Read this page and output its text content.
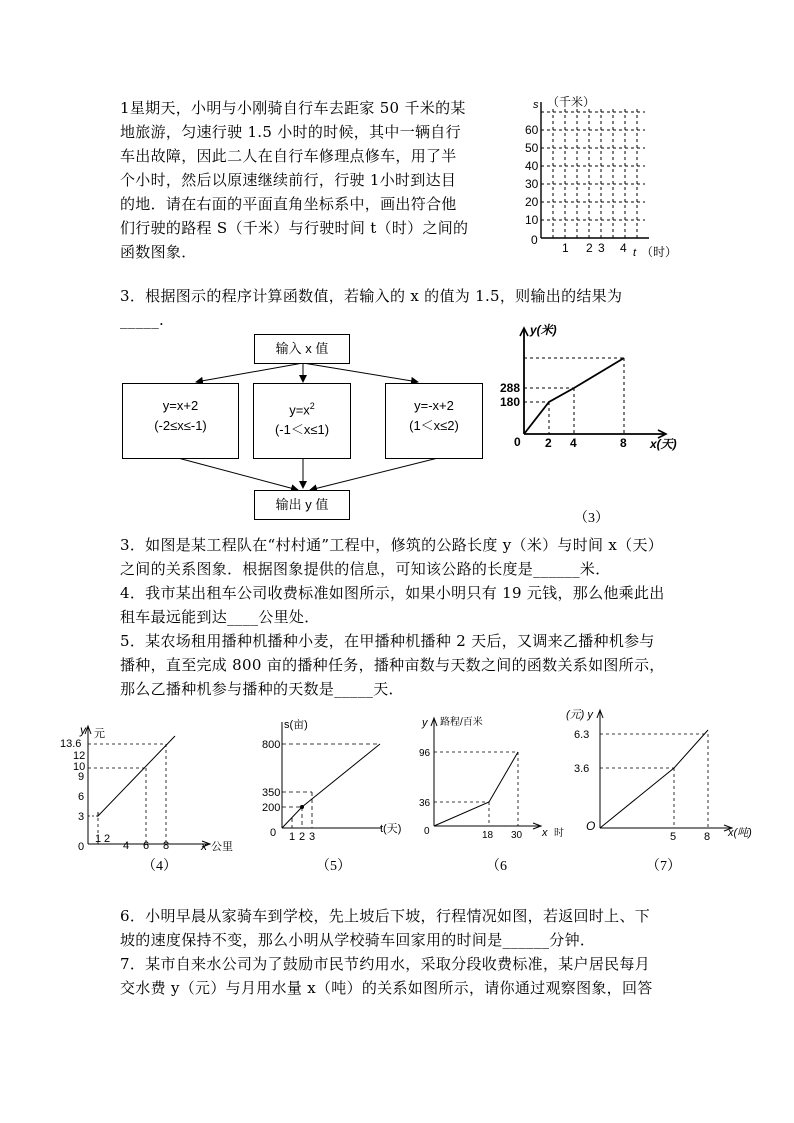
1星期天，小明与小刚骑自行车去距家 50 千米的某
地旅游，匀速行驶 1.5 小时的时候，其中一辆自行
车出故障，因此二人在自行车修理点修车，用了半
个小时，然后以原速继续前行，行驶 1小时到达目
的地．请在右面的平面直角坐标系中，画出符合他
们行驶的路程 S（千米）与行驶时间 t（时）之间的
函数图象．
s （千米）
0
10
20
30
40
50
60
1 2 3 4 t （时）
3．根据图示的程序计算函数值，若输入的 x 的值为 1.5，则输出的结果为
_____.
输入 x 值
y=x+2
(-2≤x≤-1)
$y=x^2$
(-1＜x≤1)
y=-x+2
(1＜x≤2)
输出 y 值
y(米)
288
180
0 2 4	8 x(天)
（3）
3．如图是某工程队在“村村通”工程中，修筑的公路长度 y（米）与时间 x（天）
之间的关系图象．根据图象提供的信息，可知该公路的长度是______米．
4．我市某出租车公司收费标准如图所示，如果小明只有 19 元钱，那么他乘此出
租车最远能到达____公里处．
5．某农场租用播种机播种小麦，在甲播种机播种 2 天后，又调来乙播种机参与
播种，直至完成 800 亩的播种任务，播种亩数与天数之间的函数关系如图所示，
那么乙播种机参与播种的天数是_____天．
y 元
13.6
12
10
9
6
3
0
1 2
4 6 8	x 公里
（4）
s(亩)
800
350
200
0 1 2 3
t(天)
（5）
y 路程/百米
96
36
0	18 30 x 时
（6
(元) y
6.3
3.6
O
5	8 x(吨)
（7）
6．小明早晨从家骑车到学校，先上坡后下坡，行程情况如图，若返回时上、下
坡的速度保持不变，那么小明从学校骑车回家用的时间是______分钟．
7．某市自来水公司为了鼓励市民节约用水，采取分段收费标准，某户居民每月
交水费 y（元）与月用水量 x（吨）的关系如图所示，请你通过观察图象，回答
